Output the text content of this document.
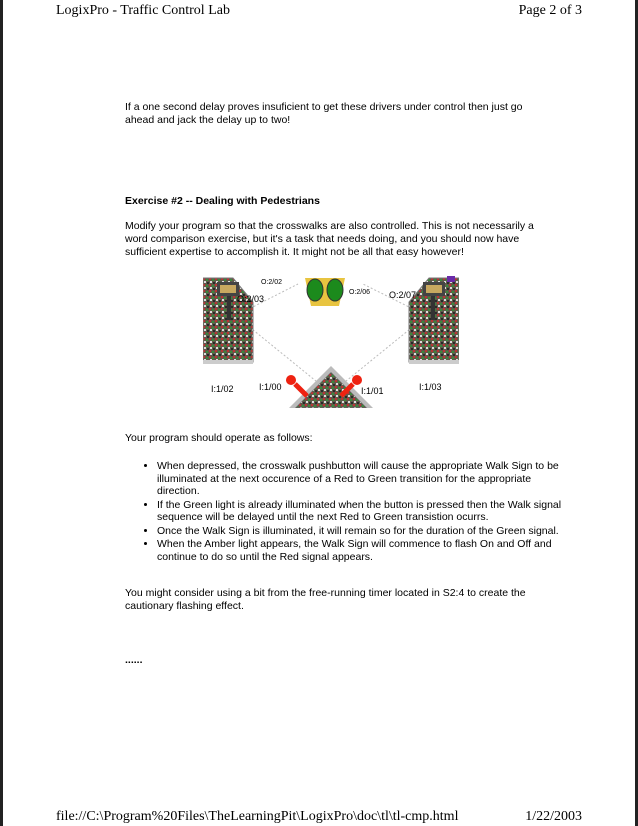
LogixPro - Traffic Control Lab	Page 2 of 3

If a one second delay proves insuficient to get these drivers under control then just go ahead and jack the delay up to two!

Exercise #2 -- Dealing with Pedestrians

Modify your program so that the crosswalks are also controlled. This is not necessarily a word comparison exercise, but it's a task that needs doing, and you should now have sufficient expertise to accomplish it. It might not be all that easy however!

O:2/02
O:2/03
O:2/06 O:2/07
I:1/02	I:1/00	I:1/01	I:1/03

Your program should operate as follows:

• When depressed, the crosswalk pushbutton will cause the appropriate Walk Sign to be illuminated at the next occurence of a Red to Green transition for the appropriate direction.
• If the Green light is already illuminated when the button is pressed then the Walk signal sequence will be delayed until the next Red to Green transistion ocurrs.
• Once the Walk Sign is illuminated, it will remain so for the duration of the Green signal.
• When the Amber light appears, the Walk Sign will commence to flash On and Off and continue to do so until the Red signal appears.

You might consider using a bit from the free-running timer located in S2:4 to create the cautionary flashing effect.

......

file://C:\Program%20Files\TheLearningPit\LogixPro\doc\tl\tl-cmp.html	1/22/2003
